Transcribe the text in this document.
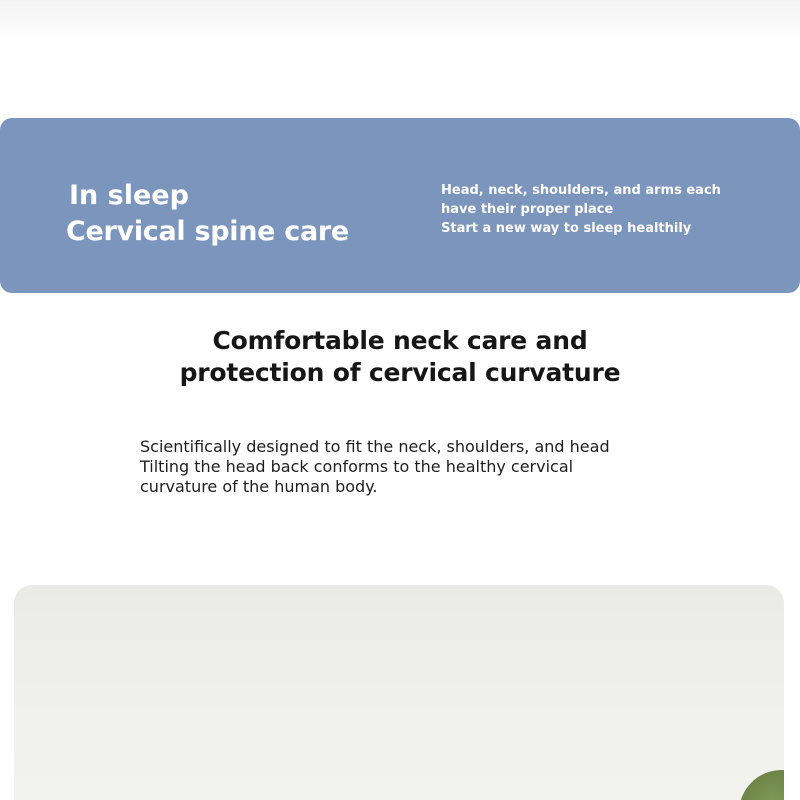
In sleep
Cervical spine care
Head, neck, shoulders, and arms each
have their proper place
Start a new way to sleep healthily
Comfortable neck care and
protection of cervical curvature
Scientifically designed to fit the neck, shoulders, and head
Tilting the head back conforms to the healthy cervical
curvature of the human body.
